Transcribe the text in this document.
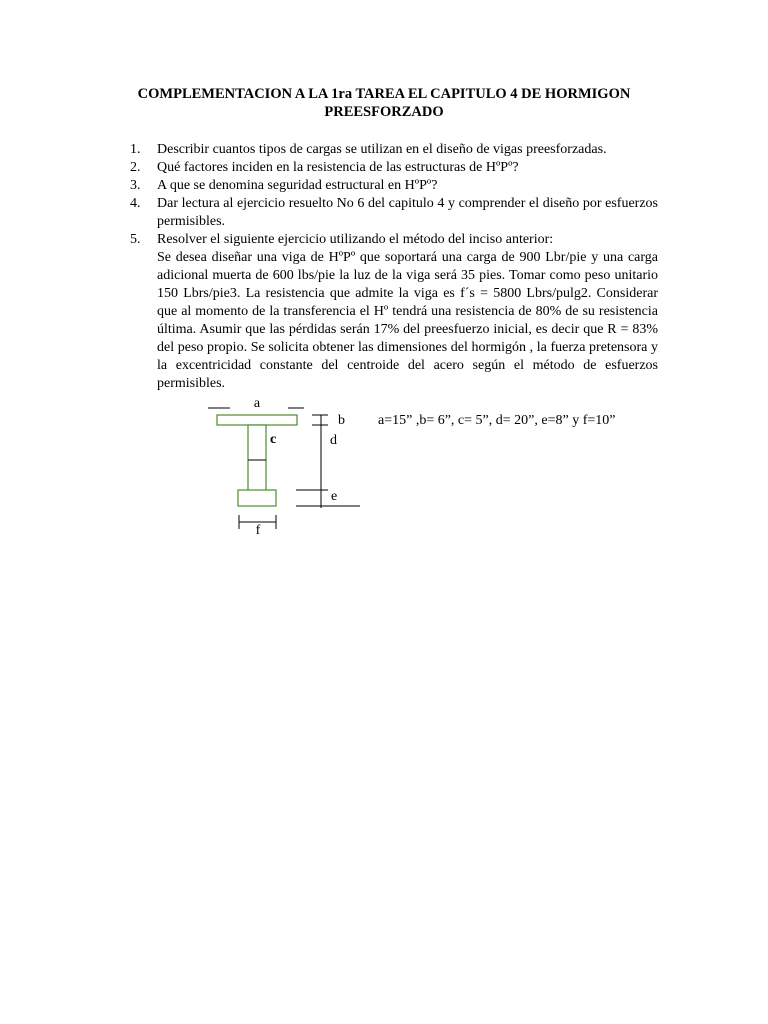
COMPLEMENTACION A LA 1ra TAREA EL CAPITULO 4 DE HORMIGON
PREESFORZADO
1. Describir cuantos tipos de cargas se utilizan en el diseño de vigas preesforzadas.
2. Qué factores inciden en la resistencia de las estructuras de HºPº?
3. A que se denomina seguridad estructural en HºPº?
4. Dar lectura al ejercicio resuelto No 6 del capitulo 4 y comprender el diseño por esfuerzos permisibles.
5. Resolver el siguiente ejercicio utilizando el método del inciso anterior:
Se desea diseñar una viga de HºPº que soportará una carga de 900 Lbr/pie y una carga adicional muerta de 600 lbs/pie la luz de la viga será 35 pies. Tomar como peso unitario 150 Lbrs/pie3. La resistencia que admite la viga es f´s = 5800 Lbrs/pulg2. Considerar que al momento de la transferencia el Hº tendrá una resistencia de 80% de su resistencia última. Asumir que las pérdidas serán 17% del preesfuerzo inicial, es decir que R = 83% del peso propio. Se solicita obtener las dimensiones del hormigón , la fuerza pretensora y la excentricidad constante del centroide del acero según el método de esfuerzos permisibles.
a
c
b
d
e
f

a=15” ,b= 6”, c= 5”, d= 20”, e=8” y f=10”
